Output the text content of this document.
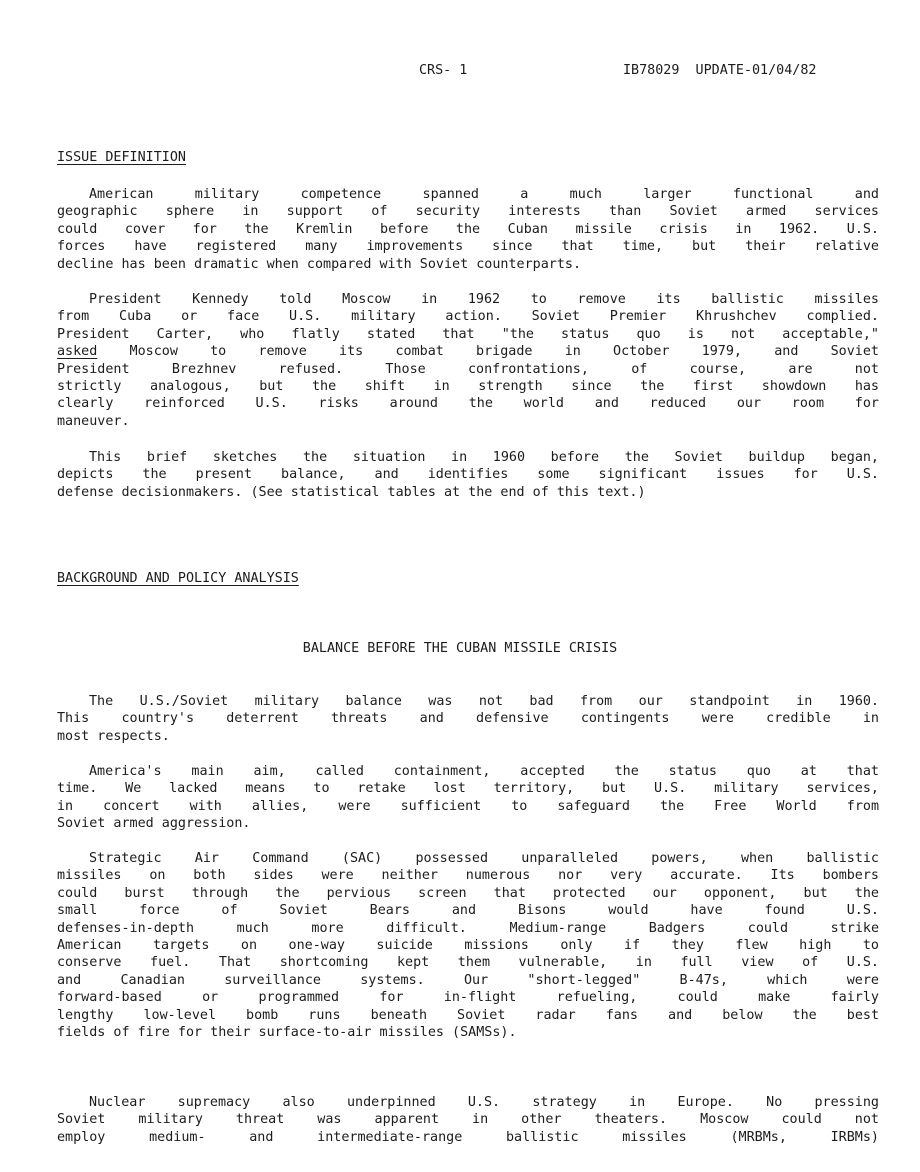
CRS- 1	IB78029  UPDATE-01/04/82
ISSUE DEFINITION
American military competence spanned a much larger functional and
geographic sphere in support of security interests than Soviet armed services
could cover for the Kremlin before the Cuban missile crisis in 1962. U.S.
forces have registered many improvements since that time, but their relative
decline has been dramatic when compared with Soviet counterparts.
President Kennedy told Moscow in 1962 to remove its ballistic missiles
from Cuba or face U.S. military action. Soviet Premier Khrushchev complied.
President Carter, who flatly stated that "the status quo is not acceptable,"
asked Moscow to remove its combat brigade in October 1979, and Soviet
President Brezhnev refused. Those confrontations, of course, are not
strictly analogous, but the shift in strength since the first showdown has
clearly reinforced U.S. risks around the world and reduced our room for
maneuver.
This brief sketches the situation in 1960 before the Soviet buildup began,
depicts the present balance, and identifies some significant issues for U.S.
defense decisionmakers. (See statistical tables at the end of this text.)
BACKGROUND AND POLICY ANALYSIS
BALANCE BEFORE THE CUBAN MISSILE CRISIS
The U.S./Soviet military balance was not bad from our standpoint in 1960.
This country's deterrent threats and defensive contingents were credible in
most respects.
America's main aim, called containment, accepted the status quo at that
time. We lacked means to retake lost territory, but U.S. military services,
in concert with allies, were sufficient to safeguard the Free World from
Soviet armed aggression.
Strategic Air Command (SAC) possessed unparalleled powers, when ballistic
missiles on both sides were neither numerous nor very accurate. Its bombers
could burst through the pervious screen that protected our opponent, but the
small force of Soviet Bears and Bisons would have found U.S.
defenses-in-depth much more difficult. Medium-range Badgers could strike
American targets on one-way suicide missions only if they flew high to
conserve fuel. That shortcoming kept them vulnerable, in full view of U.S.
and Canadian surveillance systems. Our "short-legged" B-47s, which were
forward-based or programmed for in-flight refueling, could make fairly
lengthy low-level bomb runs beneath Soviet radar fans and below the best
fields of fire for their surface-to-air missiles (SAMSs).
Nuclear supremacy also underpinned U.S. strategy in Europe. No pressing
Soviet military threat was apparent in other theaters. Moscow could not
employ medium- and intermediate-range ballistic missiles (MRBMs, IRBMs)
